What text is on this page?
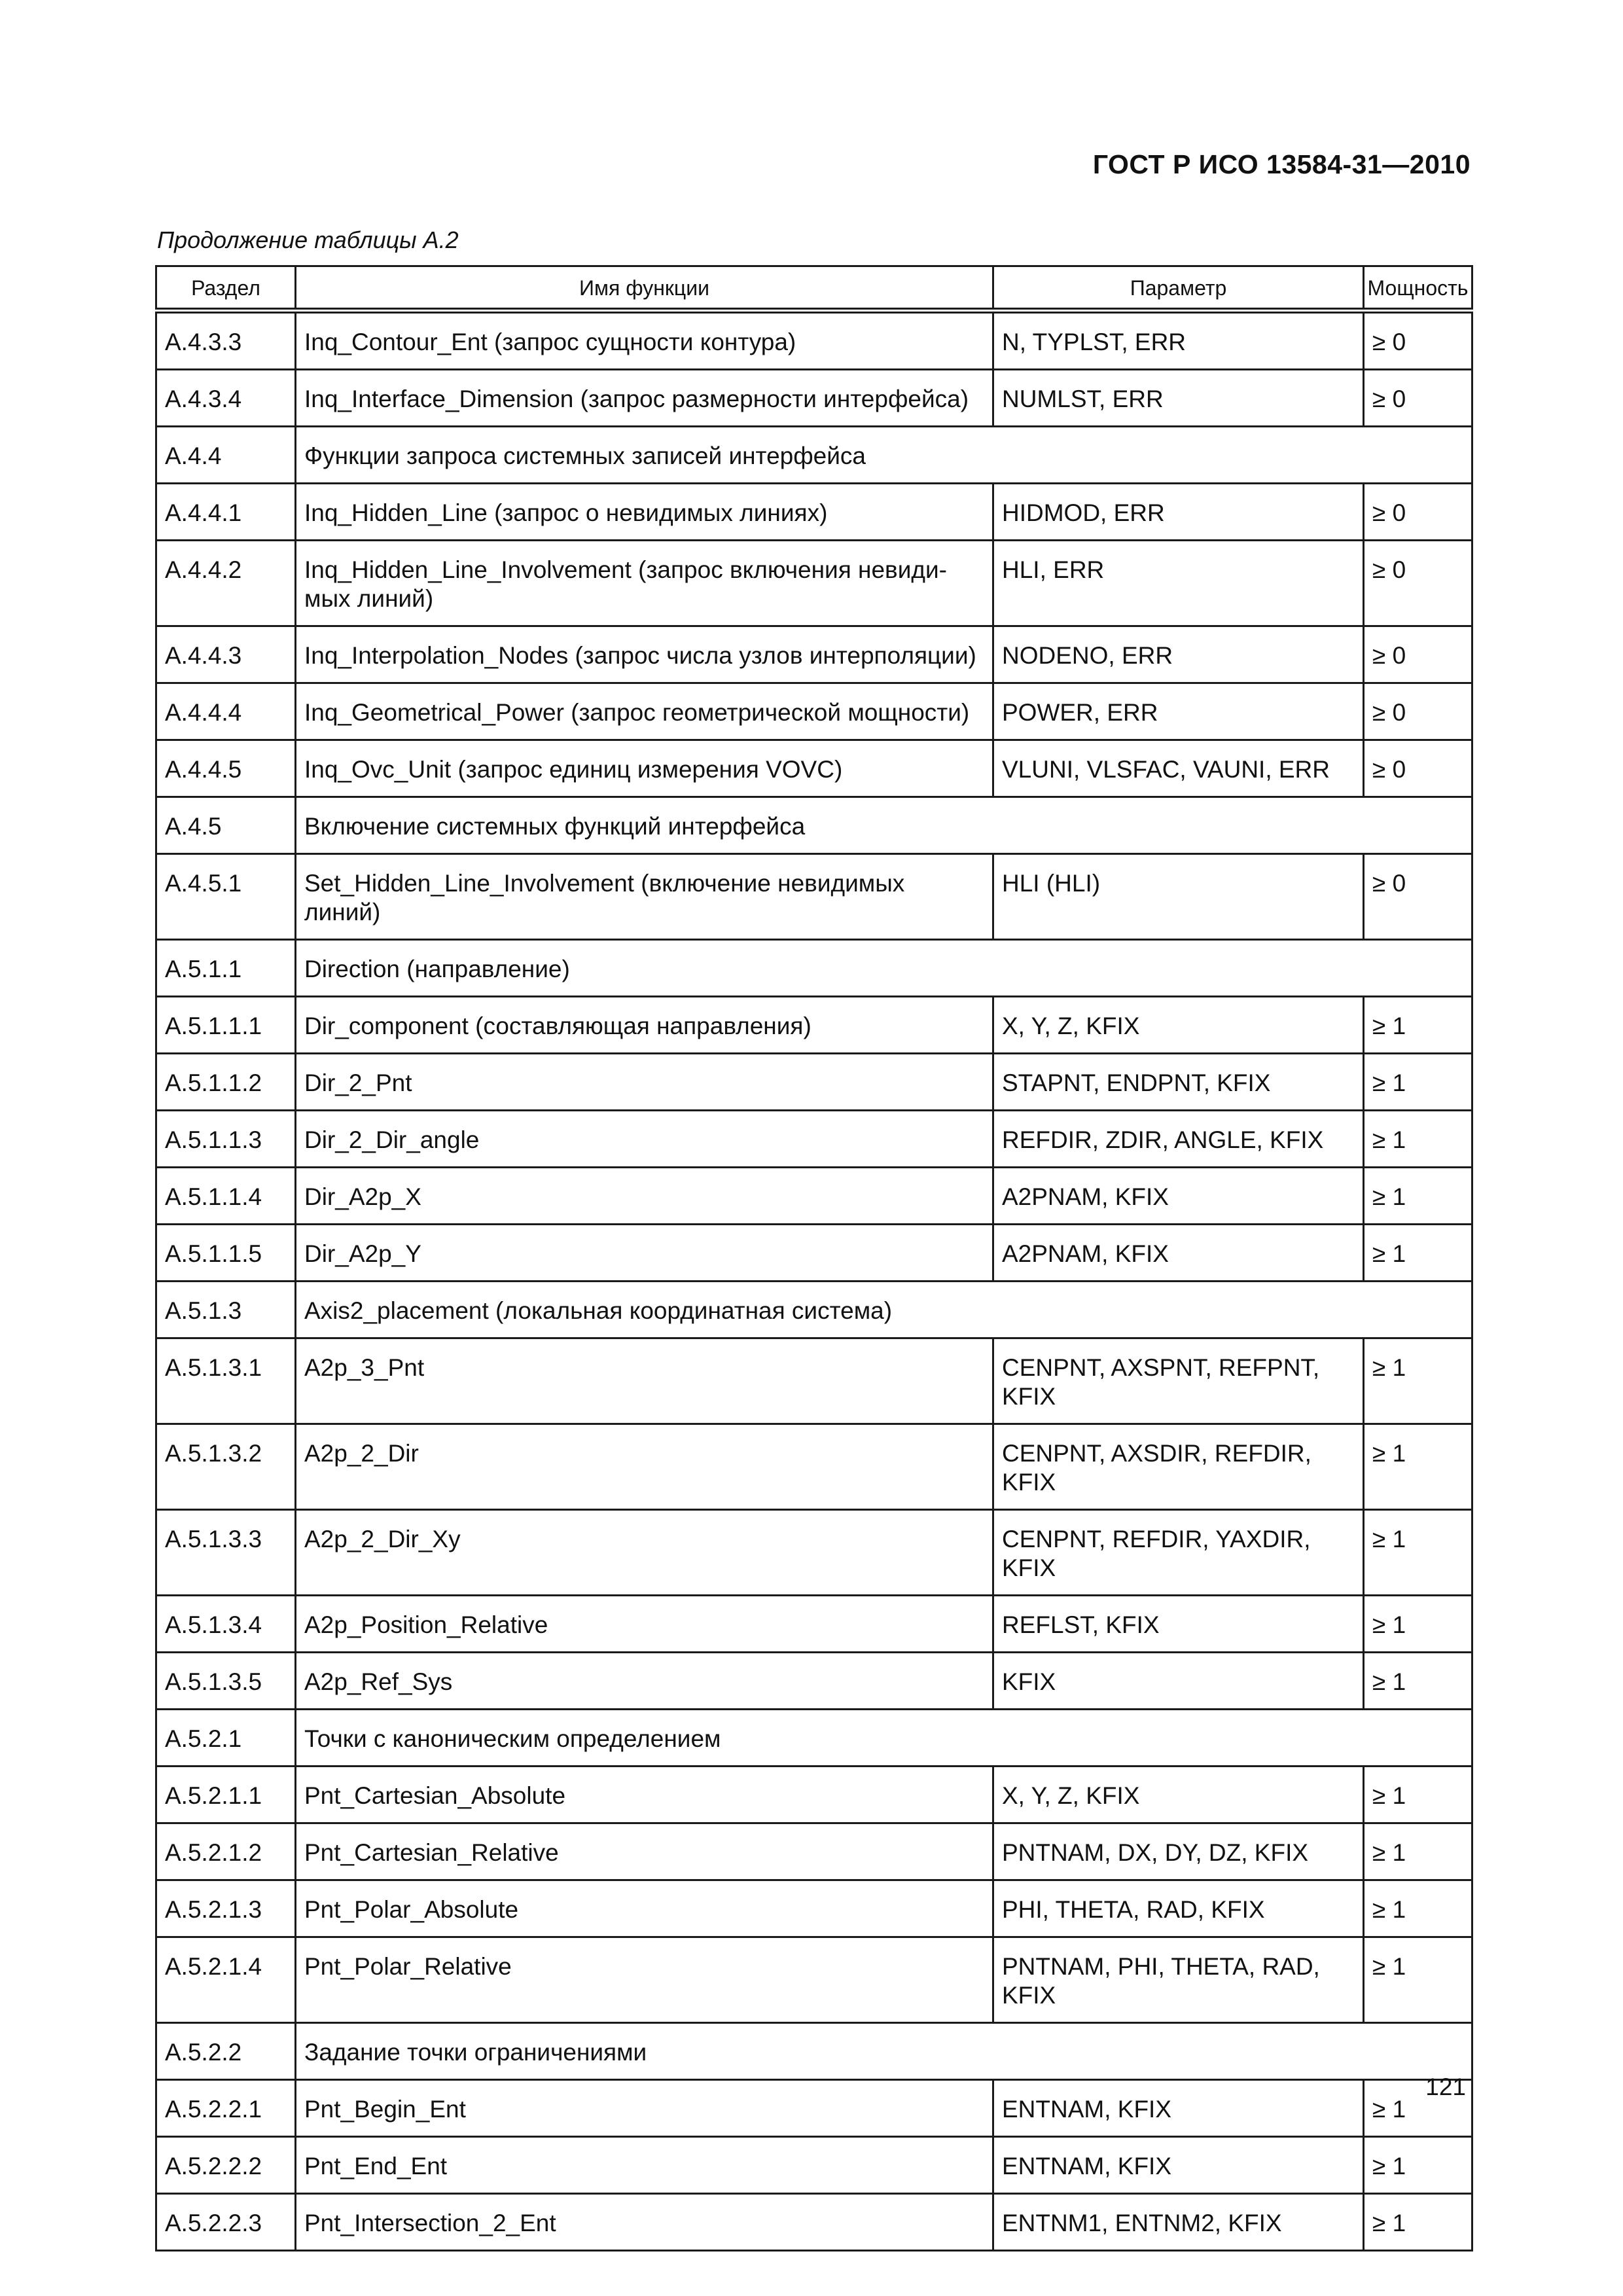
ГОСТ Р ИСО 13584-31—2010
Продолжение таблицы А.2
Раздел	Имя функции	Параметр	Мощность
A.4.3.3	Inq_Contour_Ent (запрос сущности контура)	N, TYPLST, ERR	≥ 0
A.4.3.4	Inq_Interface_Dimension (запрос размерности интерфейса)	NUMLST, ERR	≥ 0
A.4.4	Функции запроса системных записей интерфейса		
A.4.4.1	Inq_Hidden_Line (запрос о невидимых линиях)	HIDMOD, ERR	≥ 0
A.4.4.2	Inq_Hidden_Line_Involvement (запрос включения невиди-мых линий)	HLI, ERR	≥ 0
A.4.4.3	Inq_Interpolation_Nodes (запрос числа узлов интерполяции)	NODENO, ERR	≥ 0
A.4.4.4	Inq_Geometrical_Power (запрос геометрической мощности)	POWER, ERR	≥ 0
A.4.4.5	Inq_Ovc_Unit (запрос единиц измерения VOVC)	VLUNI, VLSFAC, VAUNI, ERR	≥ 0
A.4.5	Включение системных функций интерфейса		
A.4.5.1	Set_Hidden_Line_Involvement (включение невидимых линий)	HLI (HLI)	≥ 0
A.5.1.1	Direction (направление)		
A.5.1.1.1	Dir_component (составляющая направления)	X, Y, Z, KFIX	≥ 1
A.5.1.1.2	Dir_2_Pnt	STAPNT, ENDPNT, KFIX	≥ 1
A.5.1.1.3	Dir_2_Dir_angle	REFDIR, ZDIR, ANGLE, KFIX	≥ 1
A.5.1.1.4	Dir_A2p_X	A2PNAM, KFIX	≥ 1
A.5.1.1.5	Dir_A2p_Y	A2PNAM, KFIX	≥ 1
A.5.1.3	Axis2_placement (локальная координатная система)		
A.5.1.3.1	A2p_3_Pnt	CENPNT, AXSPNT, REFPNT, KFIX	≥ 1
A.5.1.3.2	A2p_2_Dir	CENPNT, AXSDIR, REFDIR, KFIX	≥ 1
A.5.1.3.3	A2p_2_Dir_Xy	CENPNT, REFDIR, YAXDIR, KFIX	≥ 1
A.5.1.3.4	A2p_Position_Relative	REFLST, KFIX	≥ 1
A.5.1.3.5	A2p_Ref_Sys	KFIX	≥ 1
A.5.2.1	Точки с каноническим определением		
A.5.2.1.1	Pnt_Cartesian_Absolute	X, Y, Z, KFIX	≥ 1
A.5.2.1.2	Pnt_Cartesian_Relative	PNTNAM, DX, DY, DZ, KFIX	≥ 1
A.5.2.1.3	Pnt_Polar_Absolute	PHI, THETA, RAD, KFIX	≥ 1
A.5.2.1.4	Pnt_Polar_Relative	PNTNAM, PHI, THETA, RAD, KFIX	≥ 1
A.5.2.2	Задание точки ограничениями		
A.5.2.2.1	Pnt_Begin_Ent	ENTNAM, KFIX	≥ 1
A.5.2.2.2	Pnt_End_Ent	ENTNAM, KFIX	≥ 1
A.5.2.2.3	Pnt_Intersection_2_Ent	ENTNM1, ENTNM2, KFIX	≥ 1
121
